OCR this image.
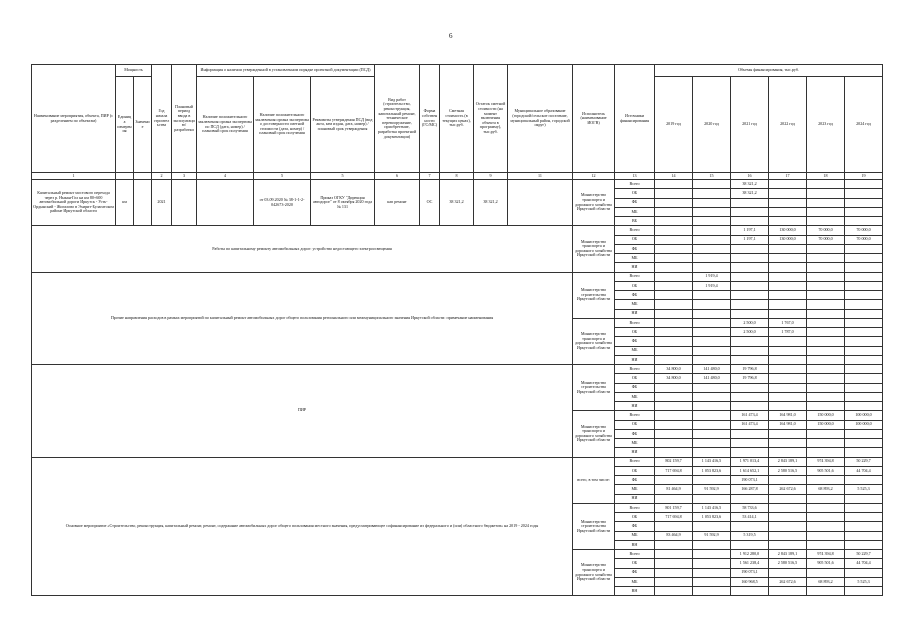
6
Наименование мероприятия, объекта, ПИР (с разделением по объектам)	Мощность		Год начала строительства	Плановый период ввода в эксплуатацию/разработки	Информация о наличии утвержденной в установленном порядке проектной документации (ПСД)			Вид работ (строительство, реконструкция, капитальный ремонт, техническое перевооружение, приобретение, разработка проектной документации)	Форма собственности (ГС/МС)	Сметная стоимость (в текущих ценах), тыс.руб.	Остаток сметной стоимости (на момент включения объекта в программу), тыс.руб.	Муниципальное образование (городской/сельское поселение, муниципальный район, городской округ)	Исполнитель (наименование ИОГВ)	Источники финансирования	Объемы финансирования, тыс.руб.					
	Единица измерения	Значение			Наличие положительного заключения органа экспертизы по ПСД (дата, номер) / плановый срок получения	Наличие положительного заключения органа экспертизы о достоверности сметной стоимости (дата, номер) / плановый срок получения	Реквизиты утверждения ПСД (вид акта, кем издан, дата, номер) / плановый срок утверждения								2019 год	2020 год	2021 год	2022 год	2023 год	2024 год
1			2	3	4	5	5	6	7	8	9	11	12	13	14	15	16	17	18	19
Капитальный ремонт мостового перехода через р. Ныкан-Гол на км 80+600 автомобильной дороги Иркутск - Усть-Ордынский - Жигалово в Эхирит-Булагатском районе Иркутской области	км		2021			от 03.09.2020 № 38-1-1-2-042673-2020	Приказ ОГКУ "Дирекция автодорог" от 8 октября 2020 года № 131	кап ремонт	ОС	38 321,2	38 321,2		Министерство транспорта и дорожного хозяйства Иркутской области	Всего			38 321,2			
														ОБ			38 321,2			
														ФБ						
														МБ						
														ВБ						
Работы по капитальному ремонту автомобильных дорог: устройство недостающего электроосвещения													Министерство транспорта и дорожного хозяйства Иркутской области	Всего			1 197,1	130 000,0	70 000,0	70 000,0
														ОБ			1 197,1	130 000,0	70 000,0	70 000,0
														ФБ						
														МБ						
														НИ						
Прочие направления расходов в рамках мероприятий по капитальный ремонт автомобильных дорог общего пользования регионального или межмуниципального значения Иркутской области: примечание наименования													Министерство строительства Иркутской области	Всего		1 919,4				
														ОБ		1 919,4				
														ФБ						
														МБ						
														НИ						
													Министерство транспорта и дорожного хозяйства Иркутской области	Всего			2 500,0	1 767,0		
														ОБ			2 500,0	1 787,0		
														ФБ						
														МБ						
														НИ						
ПИР													Министерство строительства Иркутской области	Всего	34 800,0	141 480,0	19 796,8			
														ОБ	34 800,0	141 480,0	19 796,8			
														ФБ						
														МБ						
														НИ						
													Министерство транспорта и дорожного хозяйства Иркутской области	Всего			161 473,4	164 981,0	150 000,0	100 000,0
														ОБ			161 473,4	164 981,0	150 000,0	100 000,0
														ФБ						
														МБ						
														НИ						
Основное мероприятие «Строительство, реконструкция, капитальный ремонт, ремонт, содержание автомобильных дорог общего пользования местного значения, предусматривающее софинансирование из федерального и (или) областного бюджетов» на 2019 - 2024 годы													всего, в том числе:	Всего	802 159,7	1 143 416,5	1 971 013,4	2 843 189,1	974 394,8	50 229,7
														ОБ	717 694,8	1 053 823,6	1 614 652,1	2 580 516,5	905 501,6	44 704,4
														ФБ			190 073,1			
														МБ	81 464,9	91 592,9	166 287,8	262 672,6	68 893,2	5 525,3
														НИ						
													Министерство строительства Иркутской области	Всего	801 159,7	1 143 416,5	58 733,6			
														ОБ	717 694,8	1 053 823,6	53 414,1			
														ФБ						
														МБ	83 464,9	91 592,9	5 319,5			
														ВН						
													Министерство транспорта и дорожного хозяйства Иркутской области	Всего			1 912 280,0	2 843 189,1	974 394,8	50 229,7
														ОБ			1 561 238,4	2 580 516,5	905 501,6	44 704,4
														ФБ			190 073,1			
														МБ			160 968,5	262 672,6	68 893,2	5 525,3
														ВН						
